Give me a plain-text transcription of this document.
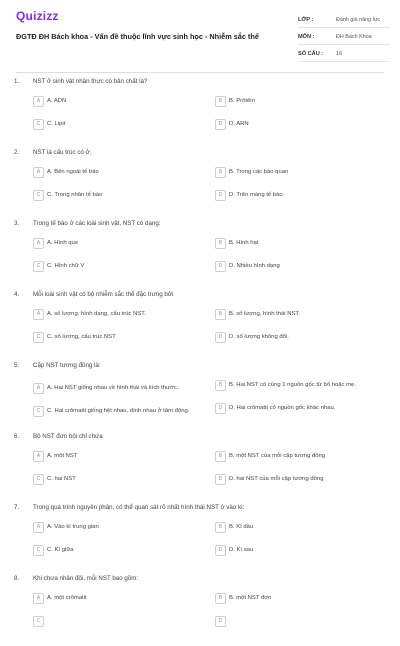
Quizizz
ĐGTĐ ĐH Bách khoa - Vấn đề thuộc lĩnh vực sinh học - Nhiễm sắc thể
LỚP :	Đánh giá năng lực
MÔN :	ĐH Bách Khoa
SỐ CÂU :	16
1. NST ở sinh vật nhân thực có bản chất là?
A	A. ADN	B	B. Prôtêin
C	C. Lipit	D	D. ARN
2. NST là cấu trúc có ở:
A	A. Bên ngoài tế bào	B	B. Trong các bào quan
C	C. Trong nhân tế bào	D	D. Trên màng tế bào
3. Trong tế bào ở các loài sinh vật, NST có dạng:
A	A. Hình que	B	B. Hình hạt
C	C. Hình chữ V	D	D. Nhiều hình dạng
4. Mỗi loài sinh vật có bộ nhiễm sắc thể đặc trưng bởi
A	A. số lượng, hình dạng, cấu trúc NST.	B	B. số lượng, hình thái NST.
C	C. số lượng, cấu trúc NST	D	D. số lượng không đổi.
5. Cặp NST tương đồng là:
A	A. Hai NST giống nhau về hình thái và kích thước.	B	B. Hai NST có cùng 1 nguồn gốc từ bố hoặc mẹ.
C	C. Hai crômatit giống hệt nhau, dính nhau ở tâm động.	D	D. Hai crômatit có nguồn gốc khác nhau.
6. Bộ NST đơn bội chỉ chứa
A	A. một NST	B	B. một NST của mỗi cặp tương đồng
C	C. hai NST	D	D. hai NST của mỗi cặp tương đồng
7. Trong quá trình nguyên phân, có thể quan sát rõ nhất hình thái NST ở vào kì:
A	A. Vào kì trung gian	B	B. Kì đầu
C	C. Kì giữa	D	D. Kì sau
8. Khi chưa nhân đôi, mỗi NST bao gồm:
A	A. một crômatit	B	B. một NST đơn
C	D
